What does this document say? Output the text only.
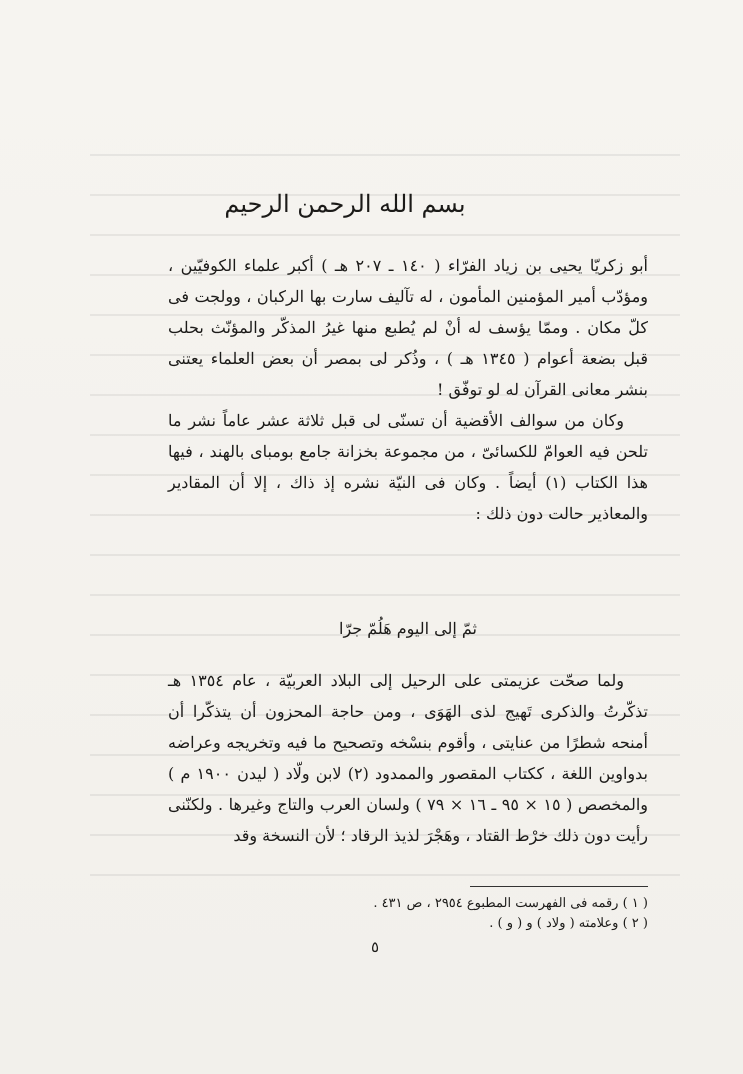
بسم الله الرحمن الرحيم

أبو زكريّا يحيى بن زياد الفرّاء ( ١٤٠ ـ ٢٠٧ هـ ) أكبر علماء الكوفيّين ، ومؤدّب أمير المؤمنين المأمون ، له تآليف سارت بها الركبان ، وولجت فى كلّ مكان . وممّا يؤسف له أنْ لم يُطبع منها غيرُ المذكّر والمؤنّث بحلب قبل بضعة أعوام ( ١٣٤٥ هـ ) ، وذُكر لى بمصر أن بعض العلماء يعتنى بنشر معانى القرآن له لو توفّق !

وكان من سوالف الأقضية أن تسنّى لى قبل ثلاثة عشر عاماً نشر ما تلحن فيه العوامّ للكسائىّ ، من مجموعة بخزانة جامع بومباى بالهند ، فيها هذا الكتاب (١) أيضاً . وكان فى النيّة نشره إذ ذاك ، إلا أن المقادير والمعاذير حالت دون ذلك :

ثمّ إلى اليوم هَلُمّ جرّا

ولما صحّت عزيمتى على الرحيل إلى البلاد العربيّة ، عام ١٣٥٤ هـ تذكّرتُ والذكرى تَهيج لذى الهَوَى ، ومن حاجة المحزون أن يتذكّرا أن أمنحه شطرًا من عنايتى ، وأقوم بنسْخه وتصحيح ما فيه وتخريجه وعراضه بدواوين اللغة ، ككتاب المقصور والممدود (٢) لابن ولّاد ( ليدن ١٩٠٠ م ) والمخصص ( ١٥ × ٩٥ ـ ١٦ × ٧٩ ) ولسان العرب والتاج وغيرها . ولكنّنى رأيت دون ذلك خرْط القتاد ، وهَجْرَ لذيذ الرقاد ؛ لأن النسخة وقد

( ١ ) رقمه فى الفهرست المطبوع ٢٩٥٤ ، ص ٤٣١ .
( ٢ ) وعلامته ( ولاد ) و ( و ) .
٥
